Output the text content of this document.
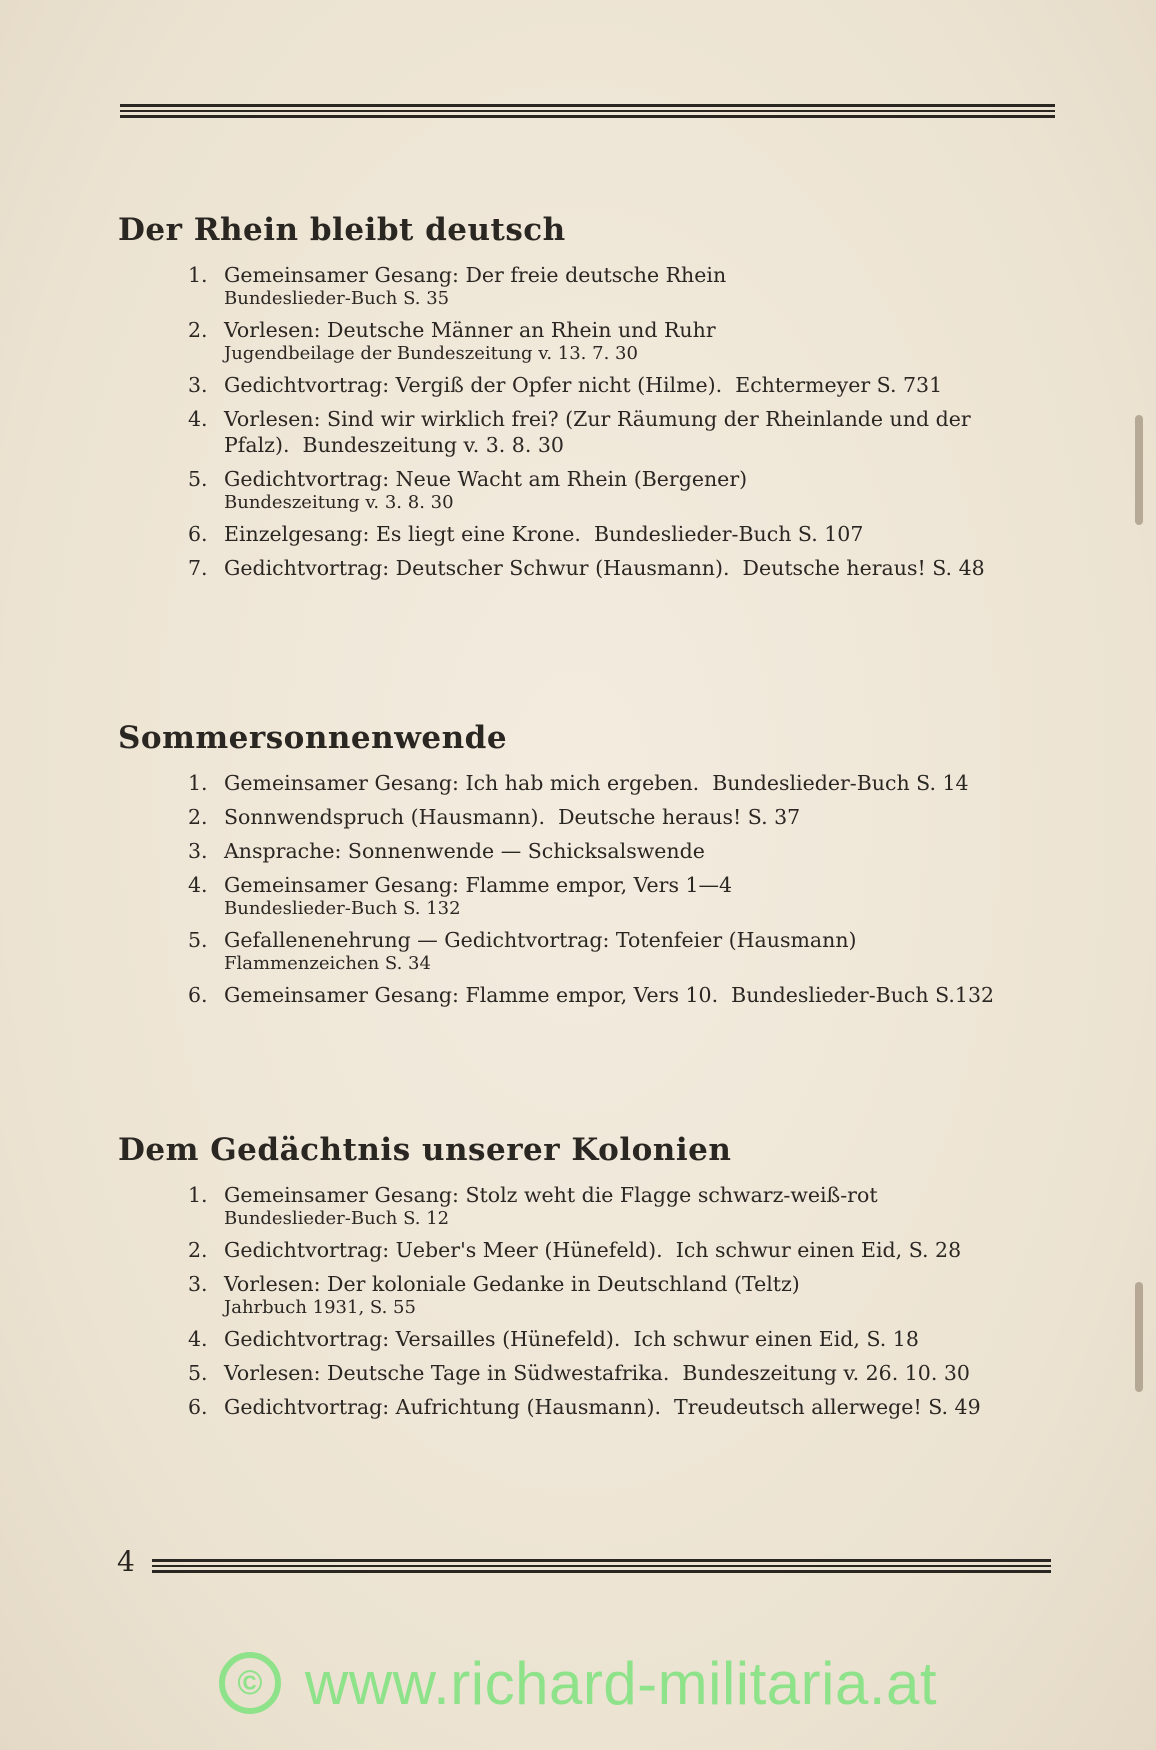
Der Rhein bleibt deutsch
1. Gemeinsamer Gesang: Der freie deutsche Rhein
Bundeslieder-Buch S. 35
2. Vorlesen: Deutsche Männer an Rhein und Ruhr
Jugendbeilage der Bundeszeitung v. 13. 7. 30
3. Gedichtvortrag: Vergiß der Opfer nicht (Hilme). Echtermeyer S. 731
4. Vorlesen: Sind wir wirklich frei? (Zur Räumung der Rheinlande und der Pfalz). Bundeszeitung v. 3. 8. 30
5. Gedichtvortrag: Neue Wacht am Rhein (Bergener)
Bundeszeitung v. 3. 8. 30
6. Einzelgesang: Es liegt eine Krone. Bundeslieder-Buch S. 107
7. Gedichtvortrag: Deutscher Schwur (Hausmann). Deutsche heraus! S. 48
Sommersonnenwende
1. Gemeinsamer Gesang: Ich hab mich ergeben. Bundeslieder-Buch S. 14
2. Sonnwendspruch (Hausmann). Deutsche heraus! S. 37
3. Ansprache: Sonnenwende — Schicksalswende
4. Gemeinsamer Gesang: Flamme empor, Vers 1—4
Bundeslieder-Buch S. 132
5. Gefallenenehrung — Gedichtvortrag: Totenfeier (Hausmann)
Flammenzeichen S. 34
6. Gemeinsamer Gesang: Flamme empor, Vers 10. Bundeslieder-Buch S.132
Dem Gedächtnis unserer Kolonien
1. Gemeinsamer Gesang: Stolz weht die Flagge schwarz-weiß-rot
Bundeslieder-Buch S. 12
2. Gedichtvortrag: Ueber's Meer (Hünefeld). Ich schwur einen Eid, S. 28
3. Vorlesen: Der koloniale Gedanke in Deutschland (Teltz)
Jahrbuch 1931, S. 55
4. Gedichtvortrag: Versailles (Hünefeld). Ich schwur einen Eid, S. 18
5. Vorlesen: Deutsche Tage in Südwestafrika. Bundeszeitung v. 26. 10. 30
6. Gedichtvortrag: Aufrichtung (Hausmann). Treudeutsch allerwege! S. 49
4
© www.richard-militaria.at
